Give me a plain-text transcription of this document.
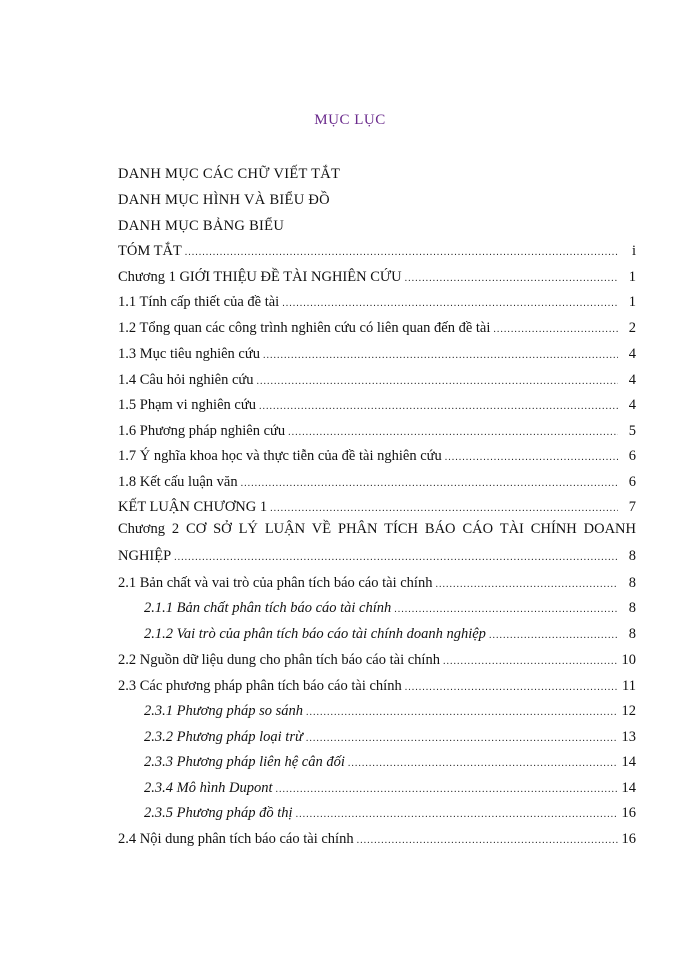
MỤC LỤC
DANH MỤC CÁC CHỮ VIẾT TẮT
DANH MỤC HÌNH VÀ BIỂU ĐỒ
DANH MỤC BẢNG BIỂU
TÓM TẮT .....	i
Chương 1 GIỚI THIỆU ĐỀ TÀI NGHIÊN CỨU .....	1
1.1 Tính cấp thiết của đề tài .....	1
1.2 Tổng quan các công trình nghiên cứu có liên quan đến đề tài .....	2
1.3 Mục tiêu nghiên cứu .....	4
1.4 Câu hỏi nghiên cứu .....	4
1.5 Phạm vi nghiên cứu .....	4
1.6 Phương pháp nghiên cứu .....	5
1.7 Ý nghĩa khoa học và thực tiễn của đề tài nghiên cứu .....	6
1.8 Kết cấu luận văn .....	6
KẾT LUẬN CHƯƠNG 1 .....	7
Chương 2 CƠ SỞ LÝ LUẬN VỀ PHÂN TÍCH BÁO CÁO TÀI CHÍNH DOANH
NGHIỆP .....	8
2.1 Bản chất và vai trò của phân tích báo cáo tài chính .....	8
2.1.1 Bản chất phân tích báo cáo tài chính .....	8
2.1.2 Vai trò của phân tích báo cáo tài chính doanh nghiệp .....	8
2.2 Nguồn dữ liệu dung cho phân tích báo cáo tài chính .....	10
2.3 Các phương pháp phân tích báo cáo tài chính .....	11
2.3.1 Phương pháp so sánh .....	12
2.3.2 Phương pháp loại trừ .....	13
2.3.3 Phương pháp liên hệ cân đối .....	14
2.3.4 Mô hình Dupont .....	14
2.3.5 Phương pháp đồ thị .....	16
2.4 Nội dung phân tích báo cáo tài chính .....	16
